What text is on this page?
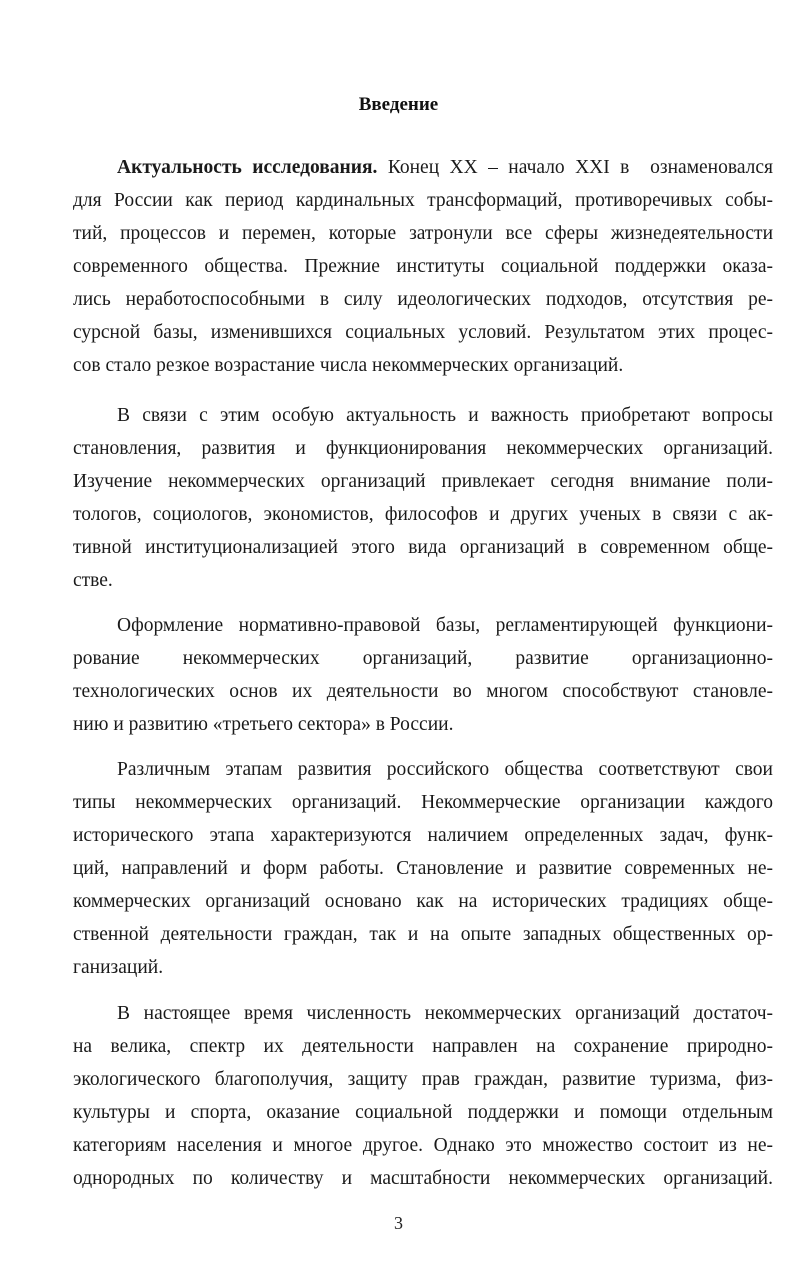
Введение
Актуальность исследования. Конец XX – начало XXI в  ознаменовался
для России как период кардинальных трансформаций, противоречивых собы-
тий, процессов и перемен, которые затронули все сферы жизнедеятельности
современного общества. Прежние институты социальной поддержки оказа-
лись неработоспособными в силу идеологических подходов, отсутствия ре-
сурсной базы, изменившихся социальных условий. Результатом этих процес-
сов стало резкое возрастание числа некоммерческих организаций.
В связи с этим особую актуальность и важность приобретают вопросы
становления, развития и функционирования некоммерческих организаций.
Изучение некоммерческих организаций привлекает сегодня внимание поли-
тологов, социологов, экономистов, философов и других ученых в связи с ак-
тивной институционализацией этого вида организаций в современном обще-
стве.
Оформление нормативно-правовой базы, регламентирующей функциони-
рование некоммерческих организаций, развитие организационно-
технологических основ их деятельности во многом способствуют становле-
нию и развитию «третьего сектора» в России.
Различным этапам развития российского общества соответствуют свои
типы некоммерческих организаций. Некоммерческие организации каждого
исторического этапа характеризуются наличием определенных задач, функ-
ций, направлений и форм работы. Становление и развитие современных не-
коммерческих организаций основано как на исторических традициях обще-
ственной деятельности граждан, так и на опыте западных общественных ор-
ганизаций.
В настоящее время численность некоммерческих организаций достаточ-
на велика, спектр их деятельности направлен на сохранение природно-
экологического благополучия, защиту прав граждан, развитие туризма, физ-
культуры и спорта, оказание социальной поддержки и помощи отдельным
категориям населения и многое другое. Однако это множество состоит из не-
однородных по количеству и масштабности некоммерческих организаций.
3
